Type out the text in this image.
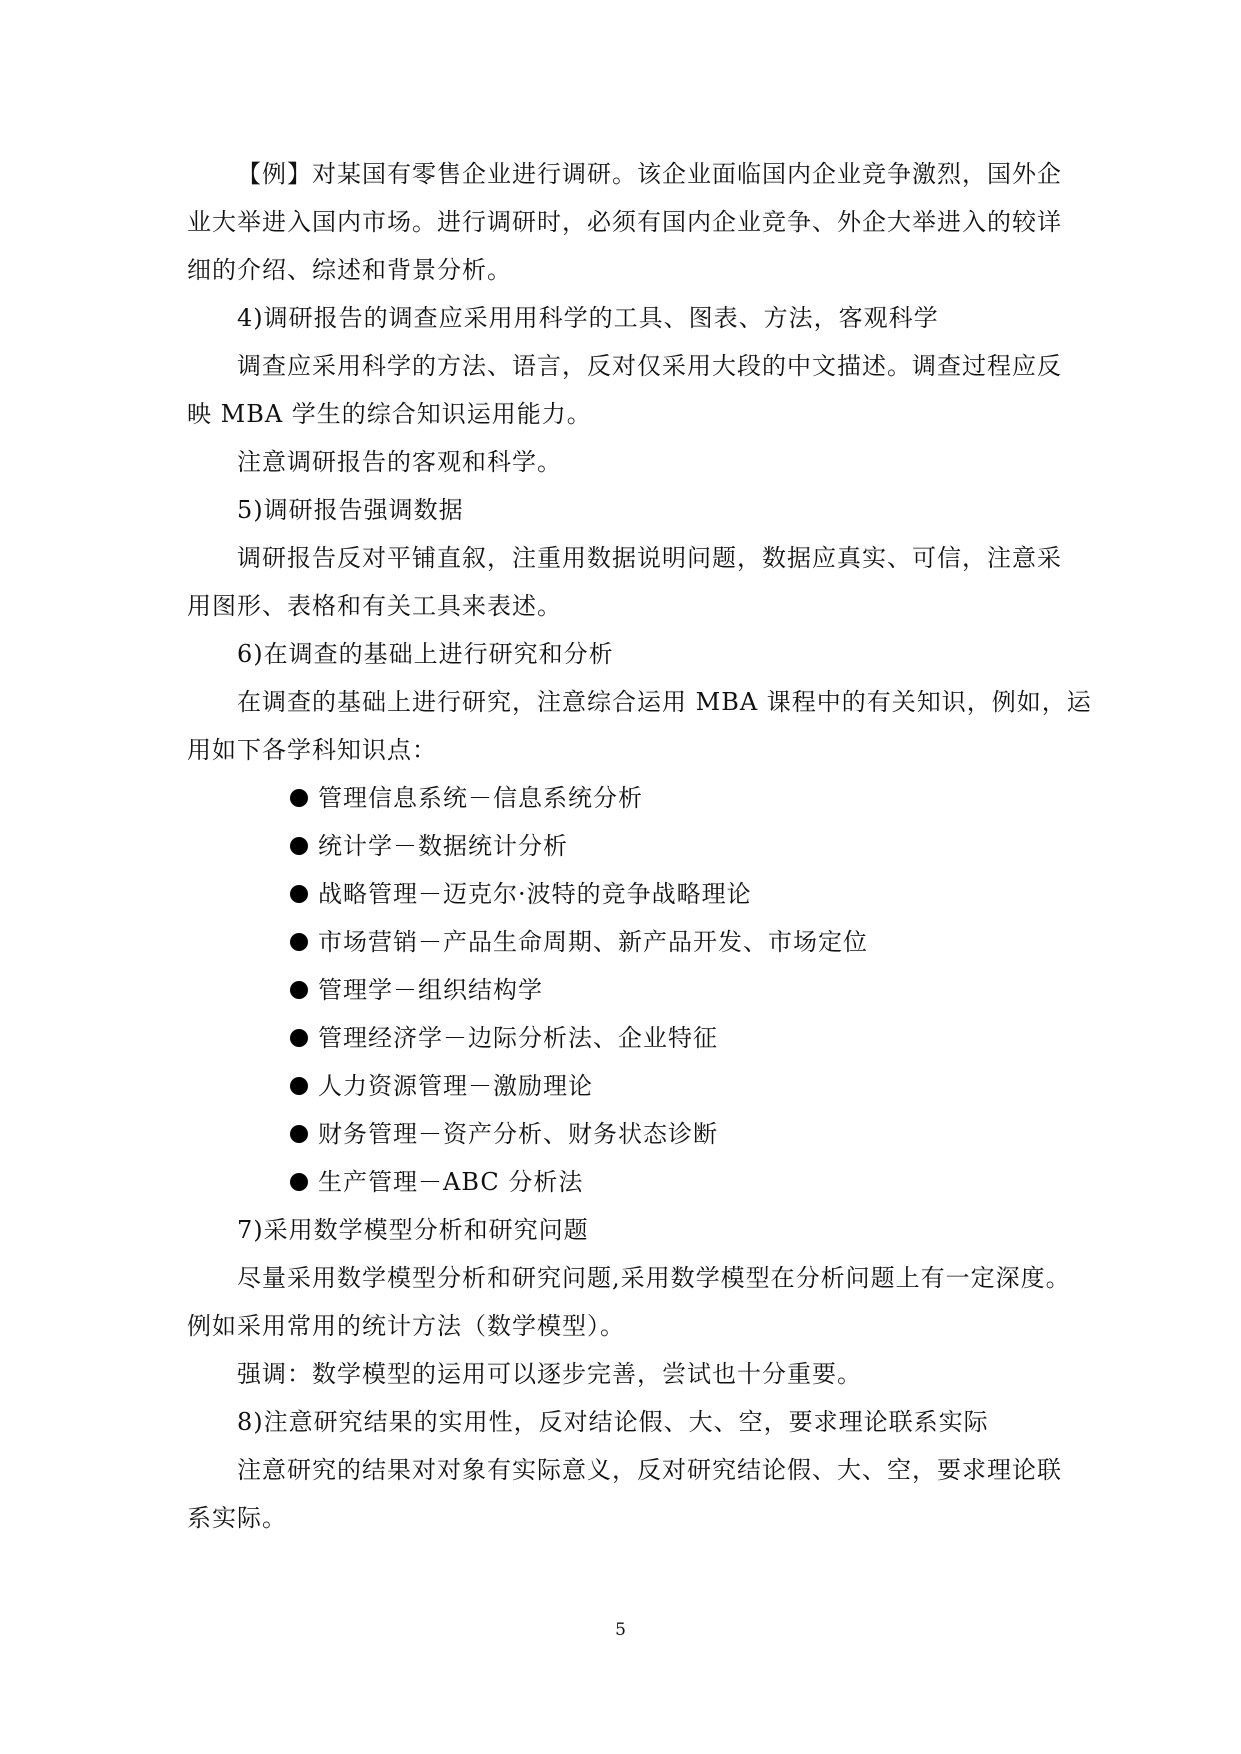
【例】对某国有零售企业进行调研。该企业面临国内企业竞争激烈，国外企

业大举进入国内市场。进行调研时，必须有国内企业竞争、外企大举进入的较详

细的介绍、综述和背景分析。

4)调研报告的调查应采用用科学的工具、图表、方法，客观科学

调查应采用科学的方法、语言，反对仅采用大段的中文描述。调查过程应反

映 MBA 学生的综合知识运用能力。

注意调研报告的客观和科学。

5)调研报告强调数据

调研报告反对平铺直叙，注重用数据说明问题，数据应真实、可信，注意采

用图形、表格和有关工具来表述。

6)在调查的基础上进行研究和分析

在调查的基础上进行研究，注意综合运用 MBA 课程中的有关知识，例如，运

用如下各学科知识点：

管理信息系统－信息系统分析
统计学－数据统计分析
战略管理－迈克尔·波特的竞争战略理论
市场营销－产品生命周期、新产品开发、市场定位
管理学－组织结构学
管理经济学－边际分析法、企业特征
人力资源管理－激励理论
财务管理－资产分析、财务状态诊断
生产管理－ABC 分析法

7)采用数学模型分析和研究问题

尽量采用数学模型分析和研究问题,采用数学模型在分析问题上有一定深度。

例如采用常用的统计方法（数学模型）。

强调：数学模型的运用可以逐步完善，尝试也十分重要。

8)注意研究结果的实用性，反对结论假、大、空，要求理论联系实际

注意研究的结果对对象有实际意义，反对研究结论假、大、空，要求理论联

系实际。

5
